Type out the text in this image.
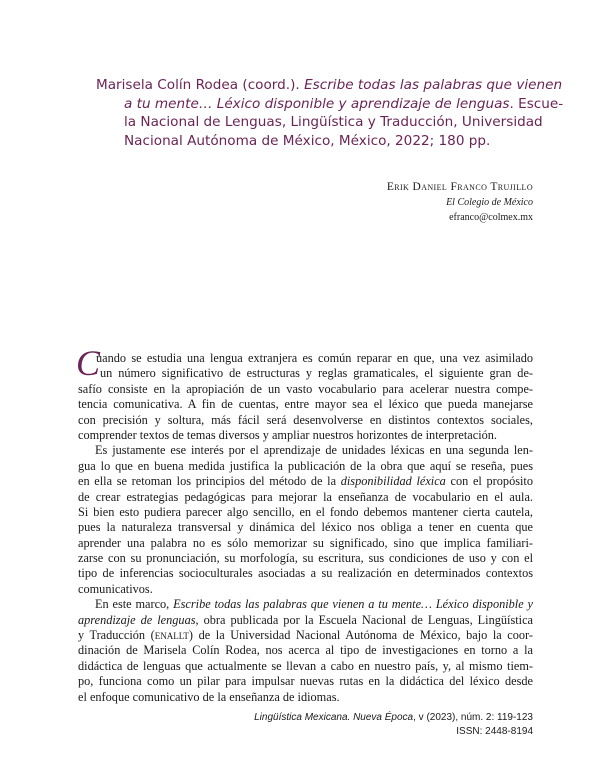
Marisela Colín Rodea (coord.). Escribe todas las palabras que vienen
a tu mente… Léxico disponible y aprendizaje de lenguas. Escue-
la Nacional de Lenguas, Lingüística y Traducción, Universidad
Nacional Autónoma de México, México, 2022; 180 pp.
Erik Daniel Franco Trujillo
El Colegio de México
efranco@colmex.mx
C
uando se estudia una lengua extranjera es común reparar en que, una vez asimilado
un número significativo de estructuras y reglas gramaticales, el siguiente gran de-
safío consiste en la apropiación de un vasto vocabulario para acelerar nuestra compe-
tencia comunicativa. A fin de cuentas, entre mayor sea el léxico que pueda manejarse
con precisión y soltura, más fácil será desenvolverse en distintos contextos sociales,
comprender textos de temas diversos y ampliar nuestros horizontes de interpretación.
Es justamente ese interés por el aprendizaje de unidades léxicas en una segunda len-
gua lo que en buena medida justifica la publicación de la obra que aquí se reseña, pues
en ella se retoman los principios del método de la disponibilidad léxica con el propósito
de crear estrategias pedagógicas para mejorar la enseñanza de vocabulario en el aula.
Si bien esto pudiera parecer algo sencillo, en el fondo debemos mantener cierta cautela,
pues la naturaleza transversal y dinámica del léxico nos obliga a tener en cuenta que
aprender una palabra no es sólo memorizar su significado, sino que implica familiari-
zarse con su pronunciación, su morfología, su escritura, sus condiciones de uso y con el
tipo de inferencias socioculturales asociadas a su realización en determinados contextos
comunicativos.
En este marco, Escribe todas las palabras que vienen a tu mente… Léxico disponible y
aprendizaje de lenguas, obra publicada por la Escuela Nacional de Lenguas, Lingüística
y Traducción (enallt) de la Universidad Nacional Autónoma de México, bajo la coor-
dinación de Marisela Colín Rodea, nos acerca al tipo de investigaciones en torno a la
didáctica de lenguas que actualmente se llevan a cabo en nuestro país, y, al mismo tiem-
po, funciona como un pilar para impulsar nuevas rutas en la didáctica del léxico desde
el enfoque comunicativo de la enseñanza de idiomas.
Lingüística Mexicana. Nueva Época, v (2023), núm. 2: 119-123
ISSN: 2448-8194
